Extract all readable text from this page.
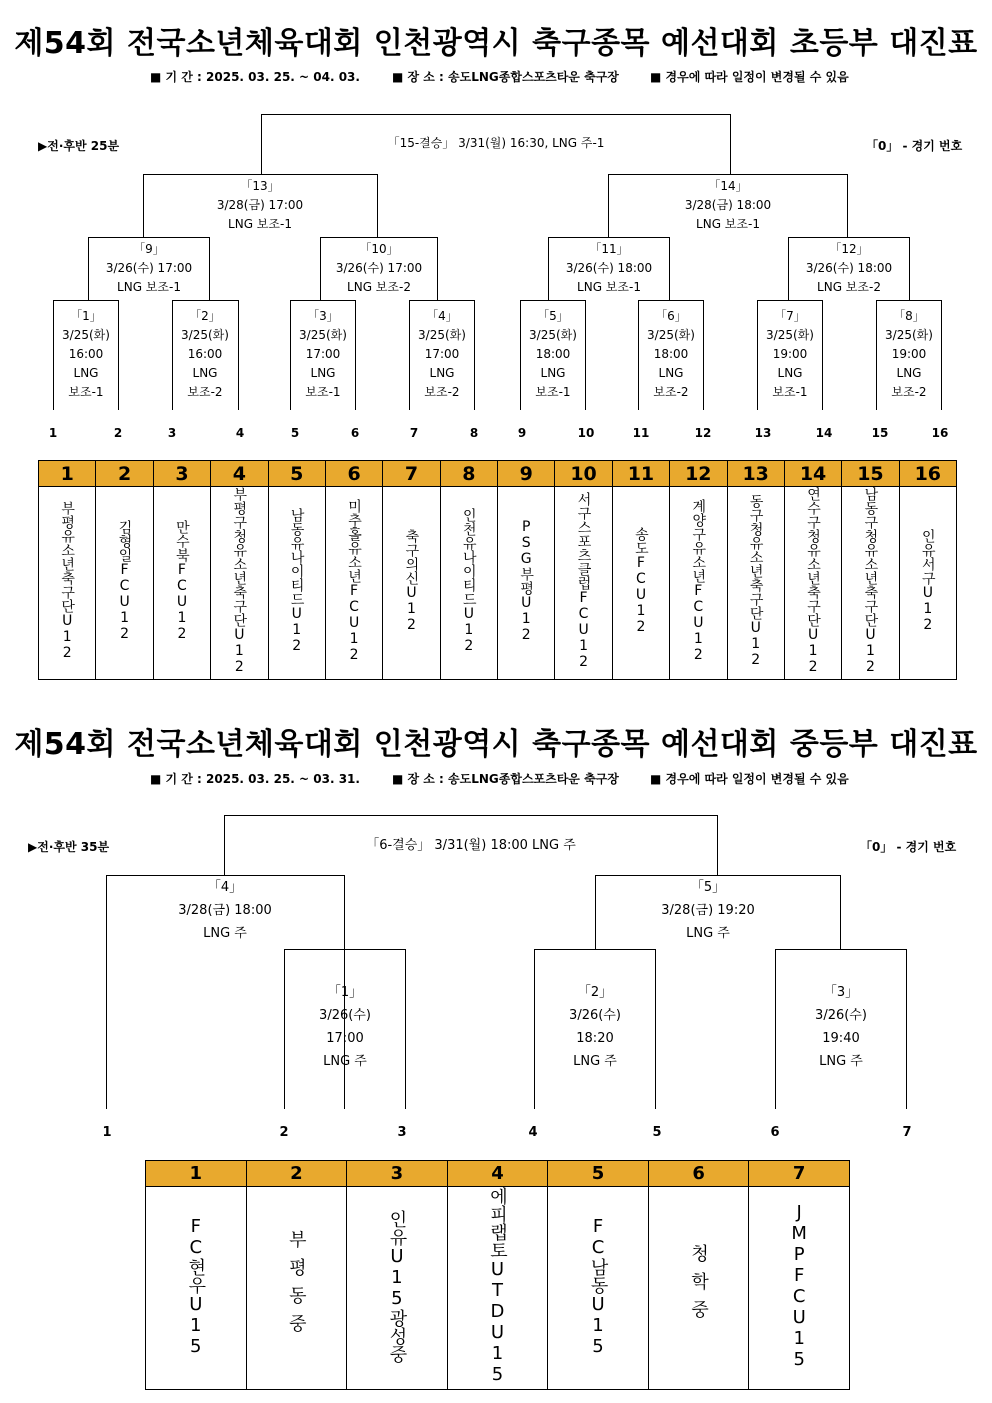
제54회 전국소년체육대회 인천광역시 축구종목 예선대회 초등부 대진표
■ 기 간 : 2025. 03. 25. ~ 04. 03.	■ 장 소 : 송도LNG종합스포츠타운 축구장	■ 경우에 따라 일정이 변경될 수 있음
▶전·후반 25분	「0」 - 경기 번호
「15-결승」 3/31(월) 16:30, LNG 주-1
「13」
3/28(금) 17:00
LNG 보조-1
「14」
3/28(금) 18:00
LNG 보조-1
「9」
3/26(수) 17:00
LNG 보조-1
「10」
3/26(수) 17:00
LNG 보조-2
「11」
3/26(수) 18:00
LNG 보조-1
「12」
3/26(수) 18:00
LNG 보조-2
「1」
3/25(화)
16:00
LNG
보조-1
「2」
3/25(화)
16:00
LNG
보조-2
「3」
3/25(화)
17:00
LNG
보조-1
「4」
3/25(화)
17:00
LNG
보조-2
「5」
3/25(화)
18:00
LNG
보조-1
「6」
3/25(화)
18:00
LNG
보조-2
「7」
3/25(화)
19:00
LNG
보조-1
「8」
3/25(화)
19:00
LNG
보조-2
1	2	3	4	5	6	7	8	9	10	11	12	13	14	15	16
1	2	3	4	5	6	7	8	9	10	11	12	13	14	15	16
부평유소년축구단U12	김형일FCU12	만수북FCU12	부평구청유소년축구단U12	남동유나이티드U12	미추홀유소년FCU12	축구의신U12	인천유나이티드U12	PSG부평U12	서구스포츠클럽FCU12	송도FCU12	계양구유소년FCU12	동구청유소년축구단U12	연수구청유소년축구단U12	남동구청유소년축구단U12	인유서구U12
제54회 전국소년체육대회 인천광역시 축구종목 예선대회 중등부 대진표
■ 기 간 : 2025. 03. 25. ~ 03. 31.	■ 장 소 : 송도LNG종합스포츠타운 축구장	■ 경우에 따라 일정이 변경될 수 있음
▶전·후반 35분	「0」 - 경기 번호
「6-결승」 3/31(월) 18:00 LNG 주
「4」
3/28(금) 18:00
LNG 주
「5」
3/28(금) 19:20
LNG 주
「1」
3/26(수)
17:00
LNG 주
「2」
3/26(수)
18:20
LNG 주
「3」
3/26(수)
19:40
LNG 주
1	2	3	4	5	6	7
1	2	3	4	5	6	7
FC현우U15	부평동중	인유U15광성중	에피랩토UTDU15	FC남동U15	청학중	JMPFCU15
